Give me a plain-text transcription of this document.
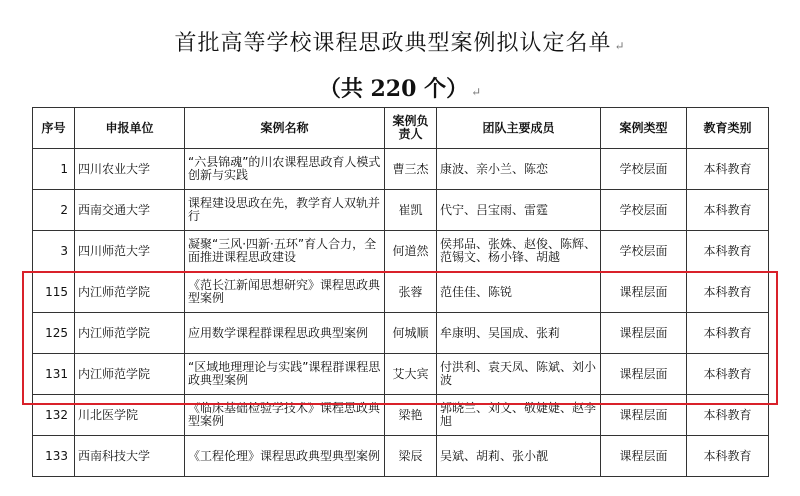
首批高等学校课程思政典型案例拟认定名单 ↵
（共 220 个） ↵
序号	申报单位	案例名称	案例负责人	团队主要成员	案例类型	教育类别
1	四川农业大学	“六县锦魂”的川农课程思政育人模式创新与实践	曹三杰	康波、亲小兰、陈恋	学校层面	本科教育
2	西南交通大学	课程建设思政在先，教学育人双轨并行	崔凯	代宁、吕宝雨、雷霆	学校层面	本科教育
3	四川师范大学	凝聚“三风·四新·五环”育人合力，全面推进课程思政建设	何道然	侯邦品、张姝、赵俊、陈辉、范锡文、杨小锋、胡越	学校层面	本科教育
115	内江师范学院	《范长江新闻思想研究》课程思政典型案例	张蓉	范佳佳、陈锐	课程层面	本科教育
125	内江师范学院	应用数学课程群课程思政典型案例	何城顺	牟康明、吴国成、张莉	课程层面	本科教育
131	内江师范学院	“区域地理理论与实践”课程群课程思政典型案例	艾大宾	付洪利、袁天凤、陈斌、刘小波	课程层面	本科教育
132	川北医学院	《临床基础检验学技术》课程思政典型案例	梁艳	郭晓兰、刘文、敬婕婕、赵李旭	课程层面	本科教育
133	西南科技大学	《工程伦理》课程思政典型典型案例	梁辰	吴斌、胡莉、张小靓	课程层面	本科教育
